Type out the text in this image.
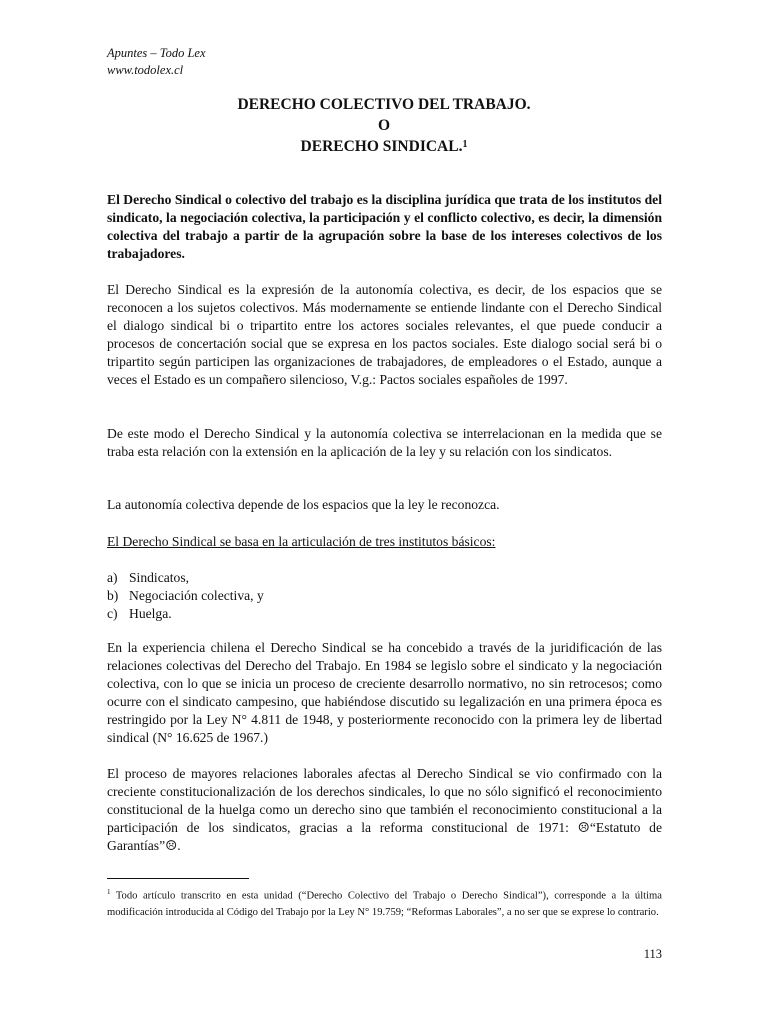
Apuntes – Todo Lex
www.todolex.cl
DERECHO COLECTIVO DEL TRABAJO.
O
DERECHO SINDICAL.$^1$
El Derecho Sindical o colectivo del trabajo es la disciplina jurídica que trata de los institutos del sindicato, la negociación colectiva, la participación y el conflicto colectivo, es decir, la dimensión colectiva del trabajo a partir de la agrupación sobre la base de los intereses colectivos de los trabajadores.
El Derecho Sindical es la expresión de la autonomía colectiva, es decir, de los espacios que se reconocen a los sujetos colectivos. Más modernamente se entiende lindante con el Derecho Sindical el dialogo sindical bi o tripartito entre los actores sociales relevantes, el que puede conducir a procesos de concertación social que se expresa en los pactos sociales. Este dialogo social será bi o tripartito según participen las organizaciones de trabajadores, de empleadores o el Estado, aunque a veces el Estado es un compañero silencioso, V.g.: Pactos sociales españoles de 1997.
De este modo el Derecho Sindical y la autonomía colectiva se interrelacionan en la medida que se traba esta relación con la extensión en la aplicación de la ley y su relación con los sindicatos.
La autonomía colectiva depende de los espacios que la ley le reconozca.
El Derecho Sindical se basa en la articulación de tres institutos básicos:
a) Sindicatos,
b) Negociación colectiva, y
c) Huelga.
En la experiencia chilena el Derecho Sindical se ha concebido a través de la juridificación de las relaciones colectivas del Derecho del Trabajo. En 1984 se legislo sobre el sindicato y la negociación colectiva, con lo que se inicia un proceso de creciente desarrollo normativo, no sin retrocesos; como ocurre con el sindicato campesino, que habiéndose discutido su legalización en una primera época es restringido por la Ley N° 4.811 de 1948, y posteriormente reconocido con la primera ley de libertad sindical (N° 16.625 de 1967.)
El proceso de mayores relaciones laborales afectas al Derecho Sindical se vio confirmado con la creciente constitucionalización de los derechos sindicales, lo que no sólo significó el reconocimiento constitucional de la huelga como un derecho sino que también el reconocimiento constitucional a la participación de los sindicatos, gracias a la reforma constitucional de 1971: ☹“Estatuto de Garantías”☹.
$^1$ Todo artículo transcrito en esta unidad (“Derecho Colectivo del Trabajo o Derecho Sindical”), corresponde a la última modificación introducida al Código del Trabajo por la Ley N° 19.759; “Reformas Laborales”, a no ser que se exprese lo contrario.
113
